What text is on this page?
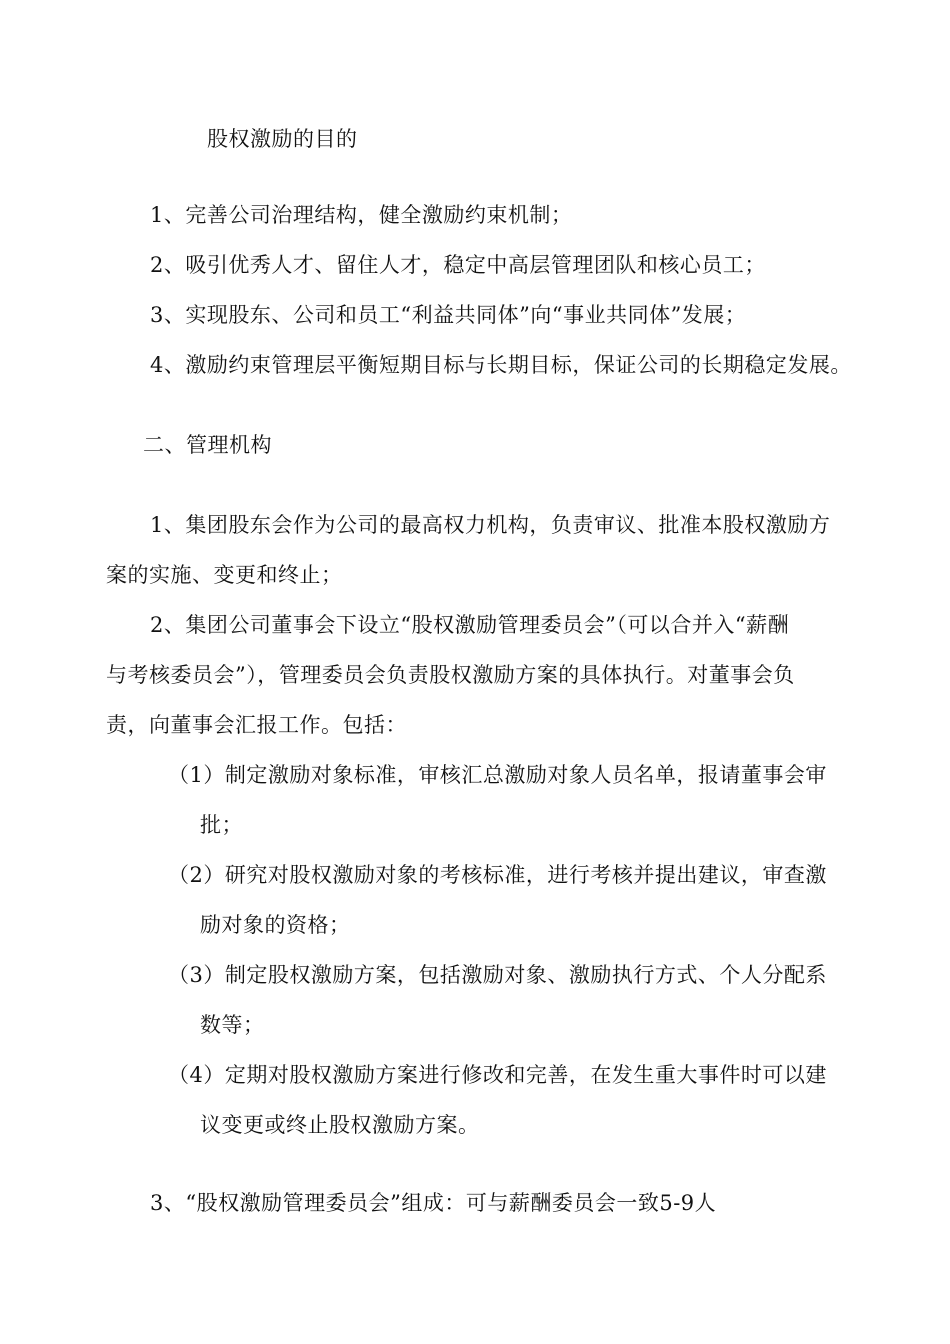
股权激励的目的
1、完善公司治理结构，健全激励约束机制；
2、吸引优秀人才、留住人才，稳定中高层管理团队和核心员工；
3、实现股东、公司和员工“利益共同体”向“事业共同体”发展；
4、激励约束管理层平衡短期目标与长期目标，保证公司的长期稳定发展。
二、管理机构
1、集团股东会作为公司的最高权力机构，负责审议、批准本股权激励方
案的实施、变更和终止；
2、集团公司董事会下设立“股权激励管理委员会”（可以合并入“薪酬
与考核委员会”），管理委员会负责股权激励方案的具体执行。对董事会负
责，向董事会汇报工作。包括：
（1）制定激励对象标准，审核汇总激励对象人员名单，报请董事会审
批；
（2）研究对股权激励对象的考核标准，进行考核并提出建议，审查激
励对象的资格；
（3）制定股权激励方案，包括激励对象、激励执行方式、个人分配系
数等；
（4）定期对股权激励方案进行修改和完善，在发生重大事件时可以建
议变更或终止股权激励方案。
3、“股权激励管理委员会”组成：可与薪酬委员会一致5-9人
